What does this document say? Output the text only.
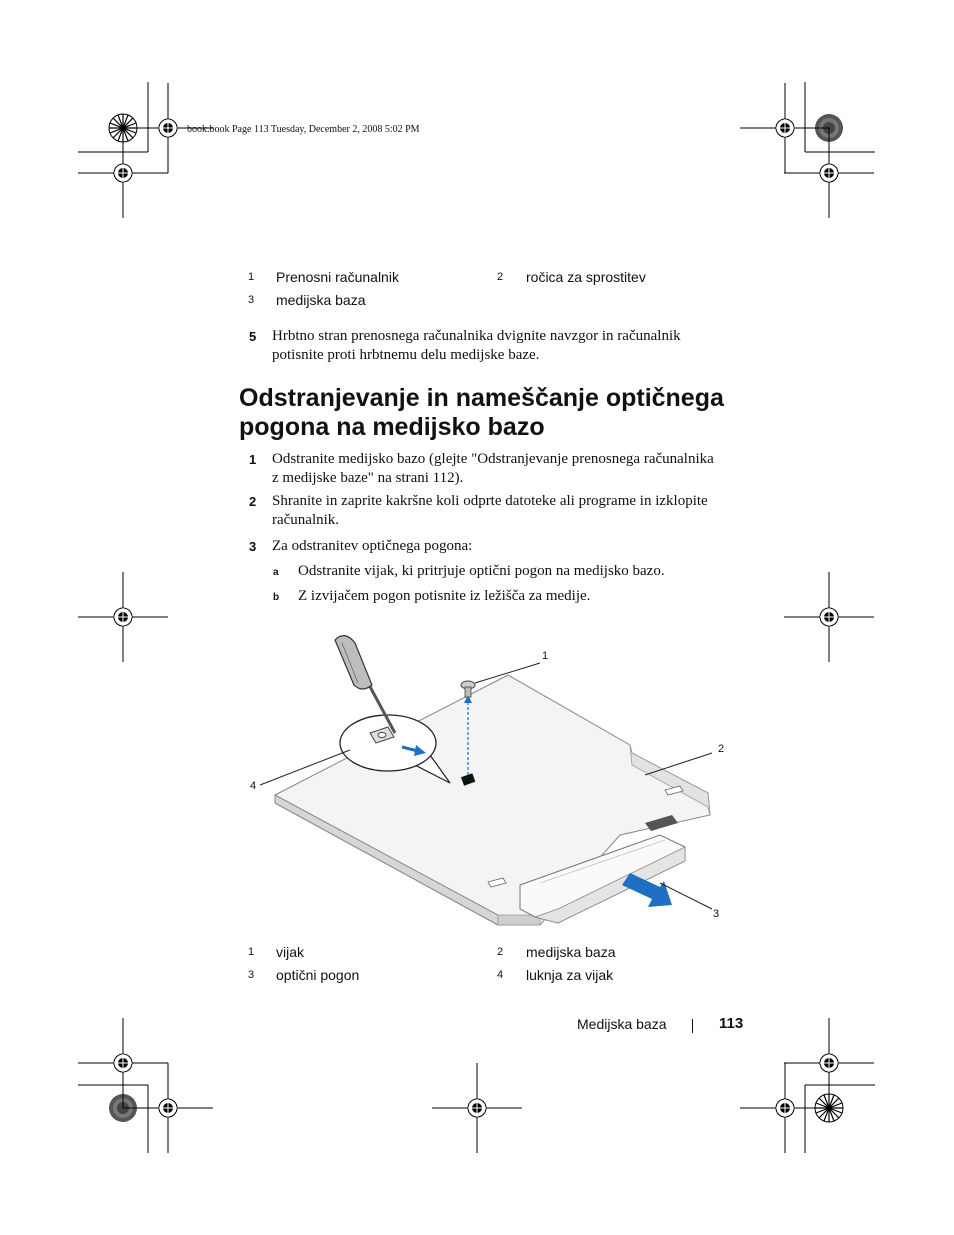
book.book Page 113 Tuesday, December 2, 2008 5:02 PM
1 Prenosni računalnik	2 ročica za sprostitev
3 medijska baza
5 Hrbtno stran prenosnega računalnika dvignite navzgor in računalnik
potisnite proti hrbtnemu delu medijske baze.
Odstranjevanje in nameščanje optičnega
pogona na medijsko bazo
1 Odstranite medijsko bazo (glejte "Odstranjevanje prenosnega računalnika
z medijske baze" na strani 112).
2 Shranite in zaprite kakršne koli odprte datoteke ali programe in izklopite
računalnik.
3 Za odstranitev optičnega pogona:
a Odstranite vijak, ki pritrjuje optični pogon na medijsko bazo.
b Z izvijačem pogon potisnite iz ležišča za medije.
1
2
3
4
1 vijak	2 medijska baza
3 optični pogon	4 luknja za vijak
Medijska baza	113
